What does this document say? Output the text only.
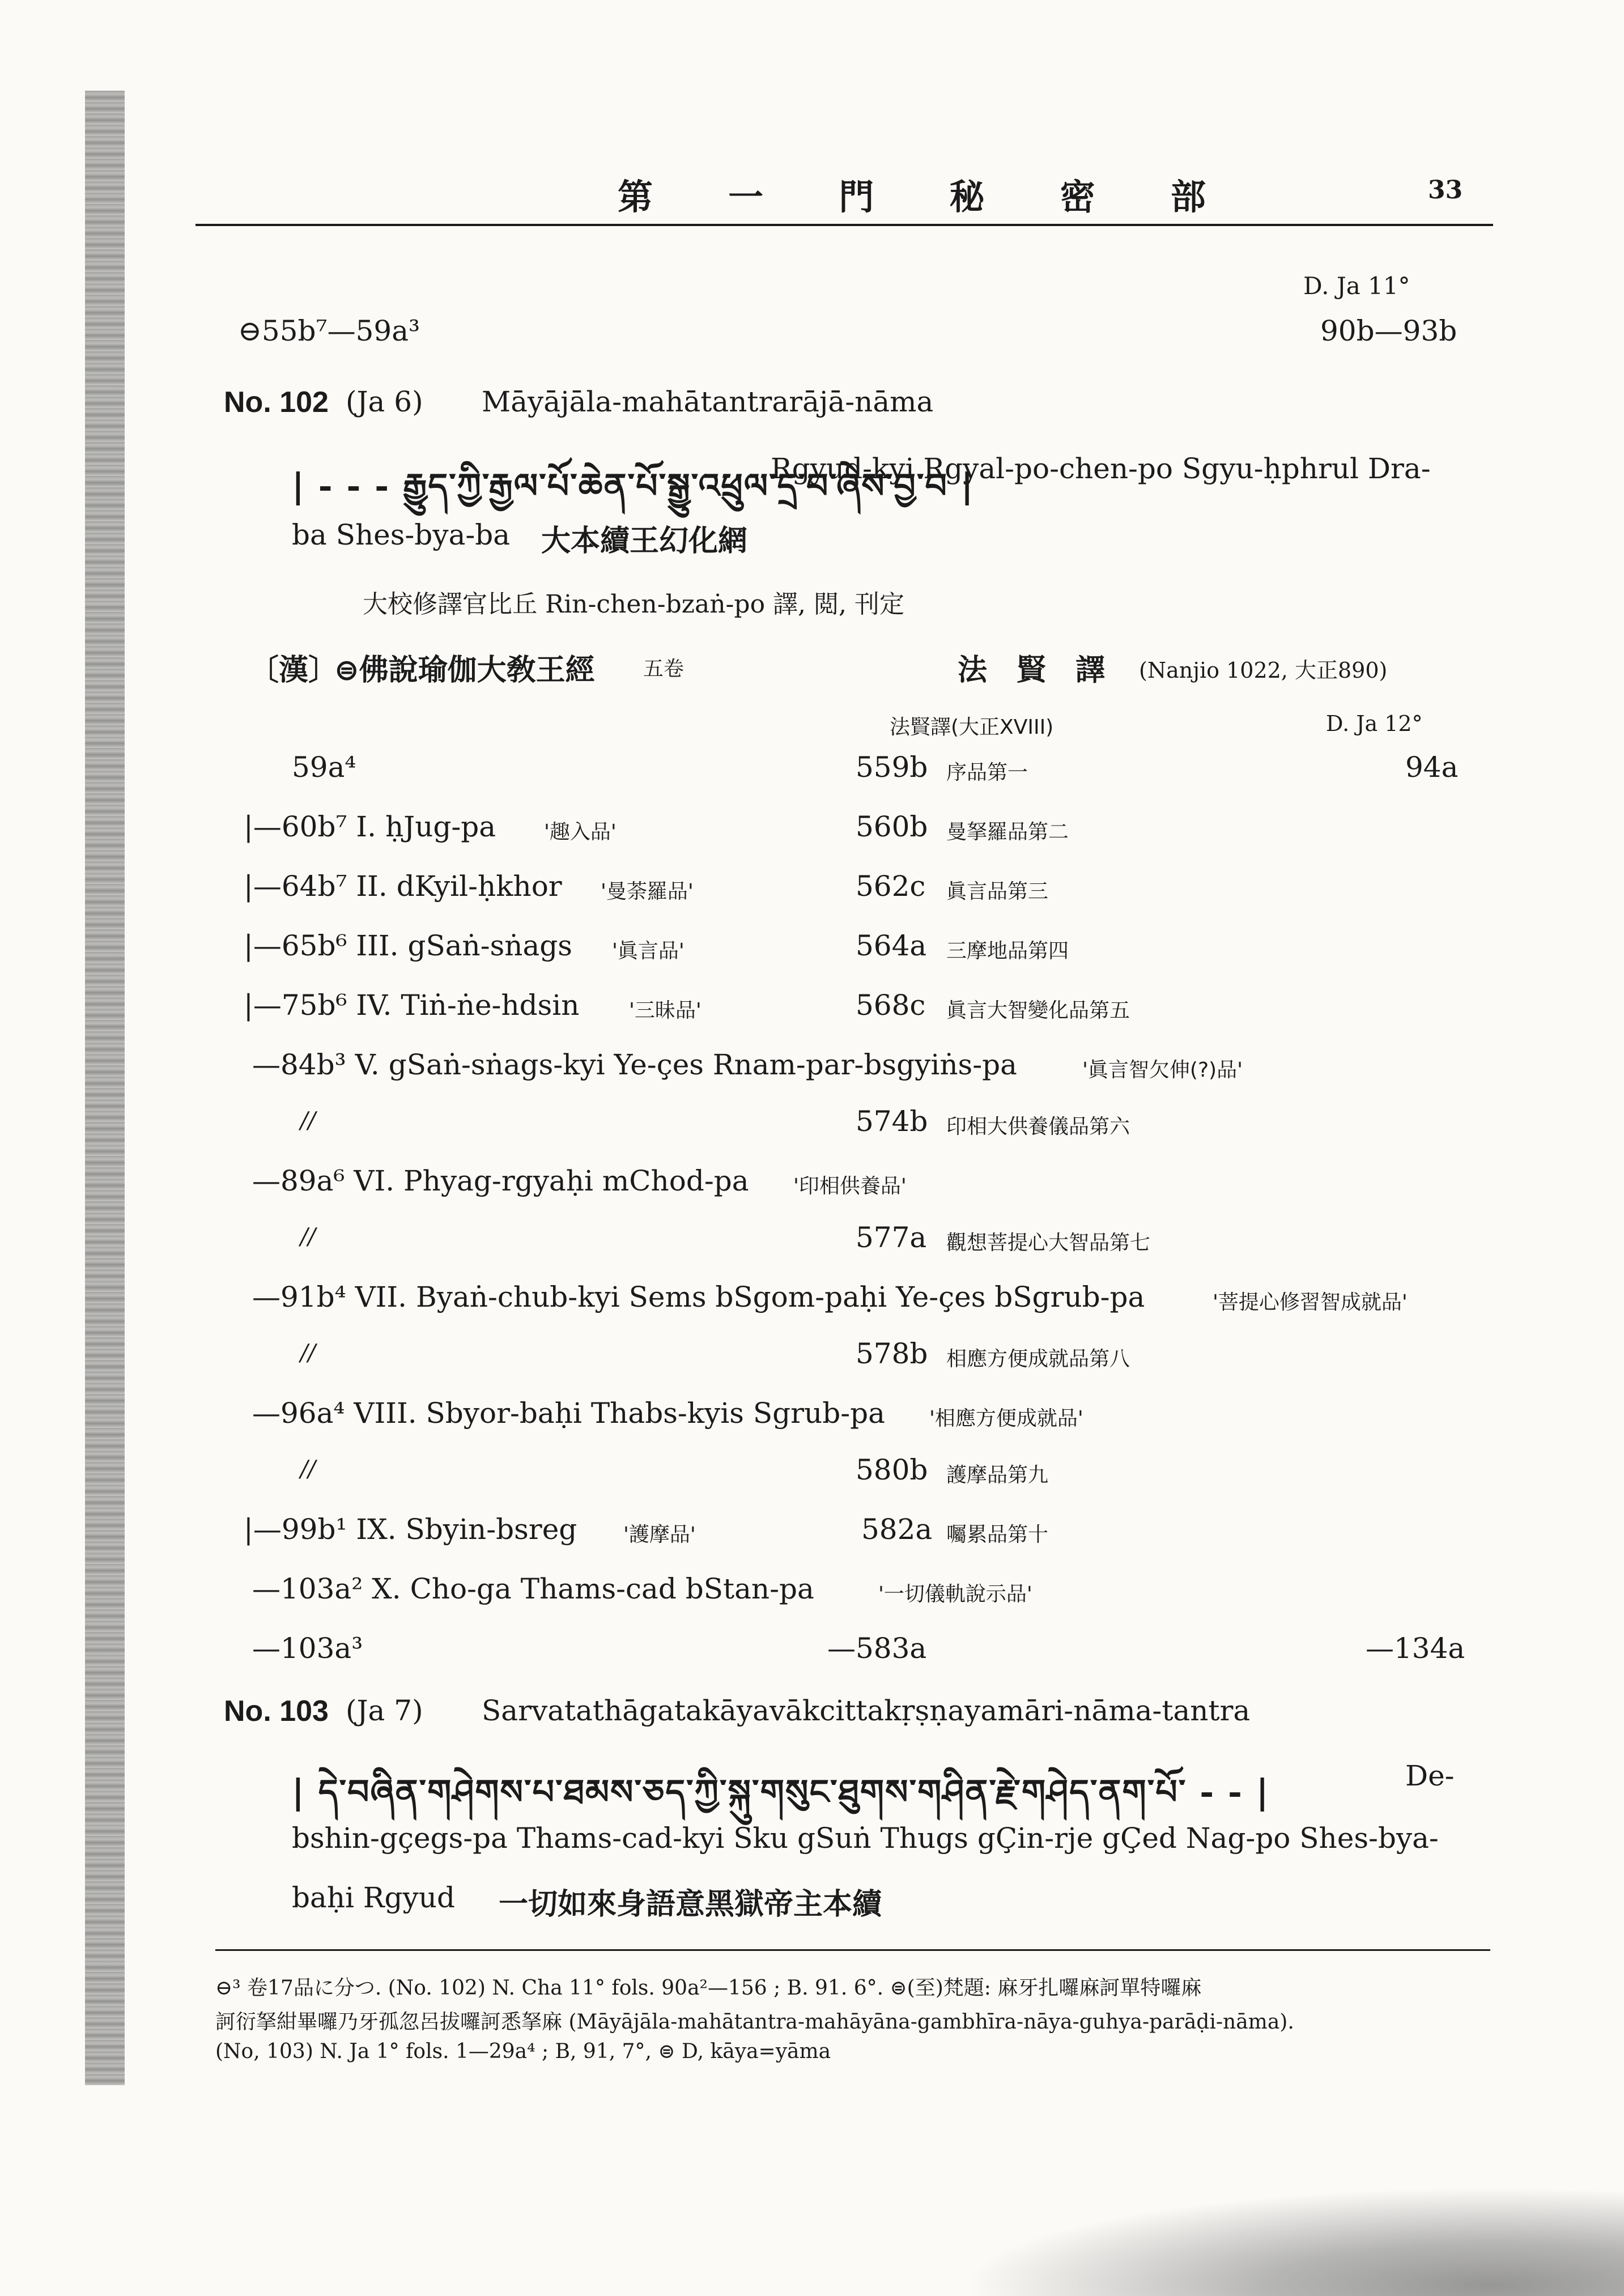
第 一 門 秘 密 部	33
D. Ja 11°
⊖55b⁷—59a³	90b—93b
No. 102 (Ja 6) Māyājāla-mahātantrarājā-nāma
| - - - རྒྱུད་ཀྱི་རྒྱལ་པོ་ཆེན་པོ་སྒྱུ་འཕྲུལ་དྲ་བ་ཞེས་བྱ་བ |
Rgyud-kyi Rgyal-po-chen-po Sgyu-ḥphrul Dra-
ba Shes-bya-ba 大本續王幻化網
大校修譯官比丘 Rin-chen-bzaṅ-po 譯, 閲, 刊定
〔漢〕
⊜佛說瑜伽大敎王經 五卷	法　賢　譯 (Nanjio 1022, 大正890)
法賢譯(大正XVIII)	D. Ja 12°
59a⁴	559b 序品第一	94a
|—60b⁷ I. ḥJug-pa '趣入品'	560b 曼拏羅品第二
|—64b⁷ II. dKyil-ḥkhor '曼荼羅品'	562c 眞言品第三
|—65b⁶ III. gSaṅ-sṅags '眞言品'	564a 三摩地品第四
|—75b⁶ IV. Tiṅ-ṅe-hdsin '三昧品'	568c 眞言大智變化品第五
—84b³ V. gSaṅ-sṅags-kyi Ye-çes Rnam-par-bsgyiṅs-pa	'眞言智欠伸(?)品'
//	574b 印相大供養儀品第六
—89a⁶ VI. Phyag-rgyaḥi mChod-pa '印相供養品'
//	577a 觀想菩提心大智品第七
—91b⁴ VII. Byaṅ-chub-kyi Sems bSgom-paḥi Ye-çes bSgrub-pa	'菩提心修習智成就品'
//	578b 相應方便成就品第八
—96a⁴ VIII. Sbyor-baḥi Thabs-kyis Sgrub-pa '相應方便成就品'
//	580b 護摩品第九
|—99b¹ IX. Sbyin-bsreg '護摩品'	582a 囑累品第十
—103a² X. Cho-ga Thams-cad bStan-pa	'一切儀軌說示品'
—103a³	—583a	—134a
No. 103 (Ja 7) Sarvatathāgatakāyavākcittakṛṣṇayamāri-nāma-tantra
| དེ་བཞིན་གཤེགས་པ་ཐམས་ཅད་ཀྱི་སྐུ་གསུང་ཐུགས་གཤིན་རྗེ་གཤེད་ནག་པོ་ - - |	De-
bshin-gçegs-pa Thams-cad-kyi Sku gSuṅ Thugs gÇin-rje gÇed Nag-po Shes-bya-
baḥi Rgyud 一切如來身語意黑獄帝主本續
⊖³ 卷17品に分つ. (No. 102) N. Cha 11° fols. 90a²—156 ; B. 91. 6°. ⊜(至)梵題: 麻牙扎囉麻訶單特囉麻
訶衍拏紺畢囉乃牙孤忽呂拔囉訶悉拏麻 (Māyājāla-mahātantra-mahāyāna-gambhīra-nāya-guhya-parāḍi-nāma).
(No, 103) N. Ja 1° fols. 1—29a⁴ ; B, 91, 7°, ⊜ D, kāya=yāma
